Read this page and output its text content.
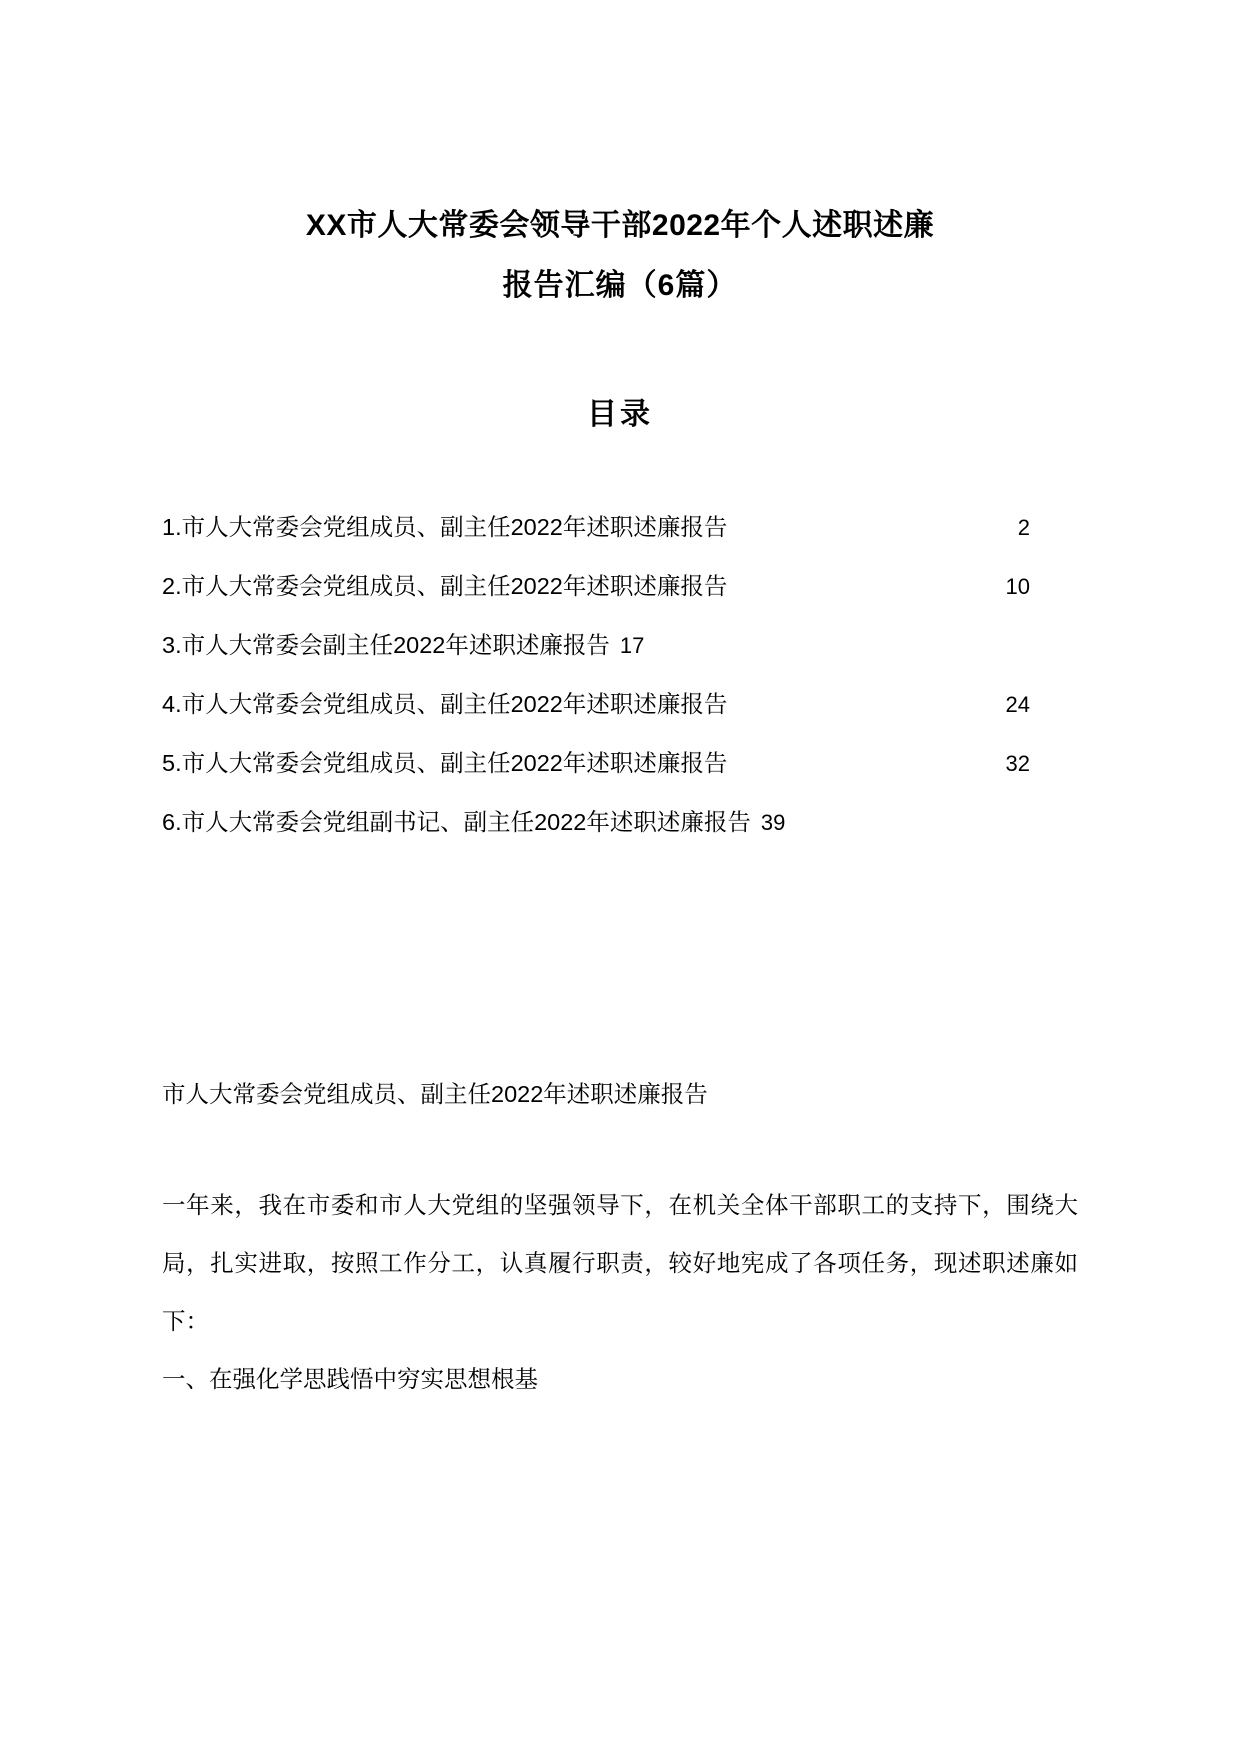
XX市人大常委会领导干部2022年个人述职述廉
报告汇编（6篇）
目录
1.市人大常委会党组成员、副主任2022年述职述廉报告	2
2.市人大常委会党组成员、副主任2022年述职述廉报告	10
3.市人大常委会副主任2022年述职述廉报告 17
4.市人大常委会党组成员、副主任2022年述职述廉报告	24
5.市人大常委会党组成员、副主任2022年述职述廉报告	32
6.市人大常委会党组副书记、副主任2022年述职述廉报告 39

市人大常委会党组成员、副主任2022年述职述廉报告

一年来，我在市委和市人大党组的坚强领导下，在机关全体干部职工的支持下，围绕大局，扎实进取，按照工作分工，认真履行职责，较好地宪成了各项任务，现述职述廉如下：

一、在强化学思践悟中穷实思想根基
